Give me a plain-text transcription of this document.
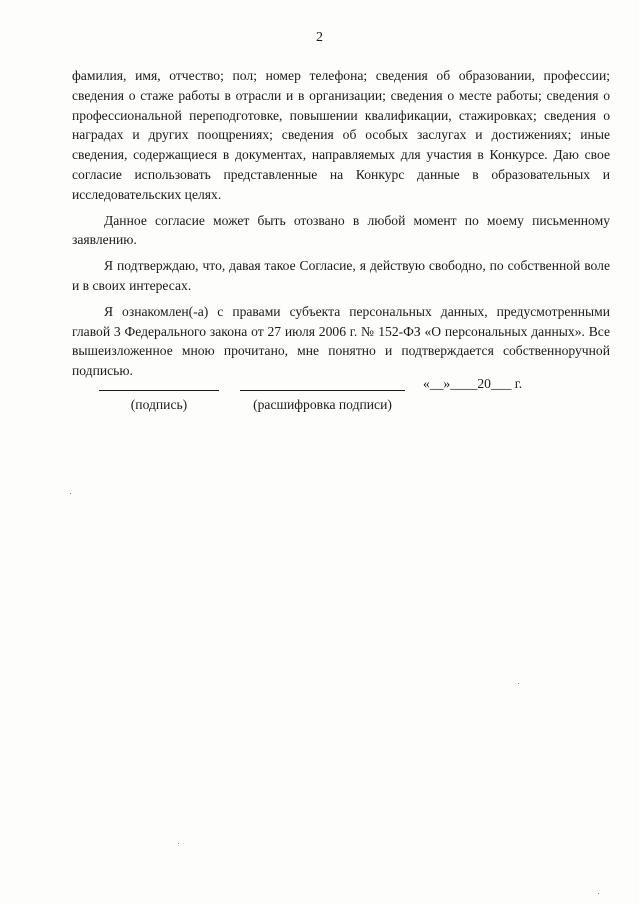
2

фамилия, имя, отчество; пол; номер телефона; сведения об образовании, профессии; сведения о стаже работы в отрасли и в организации; сведения о месте работы; сведения о профессиональной переподготовке, повышении квалификации, стажировках; сведения о наградах и других поощрениях; сведения об особых заслугах и достижениях; иные сведения, содержащиеся в документах, направляемых для участия в Конкурсе. Даю свое согласие использовать представленные на Конкурс данные в образовательных и исследовательских целях.

Данное согласие может быть отозвано в любой момент по моему письменному заявлению.

Я подтверждаю, что, давая такое Согласие, я действую свободно, по собственной воле и в своих интересах.

Я ознакомлен(-а) с правами субъекта персональных данных, предусмотренными главой 3 Федерального закона от 27 июля 2006 г. № 152-ФЗ «О персональных данных». Все вышеизложенное мною прочитано, мне понятно и подтверждается собственноручной подписью.

(подпись)	(расшифровка подписи)
«__»____20___ г.
